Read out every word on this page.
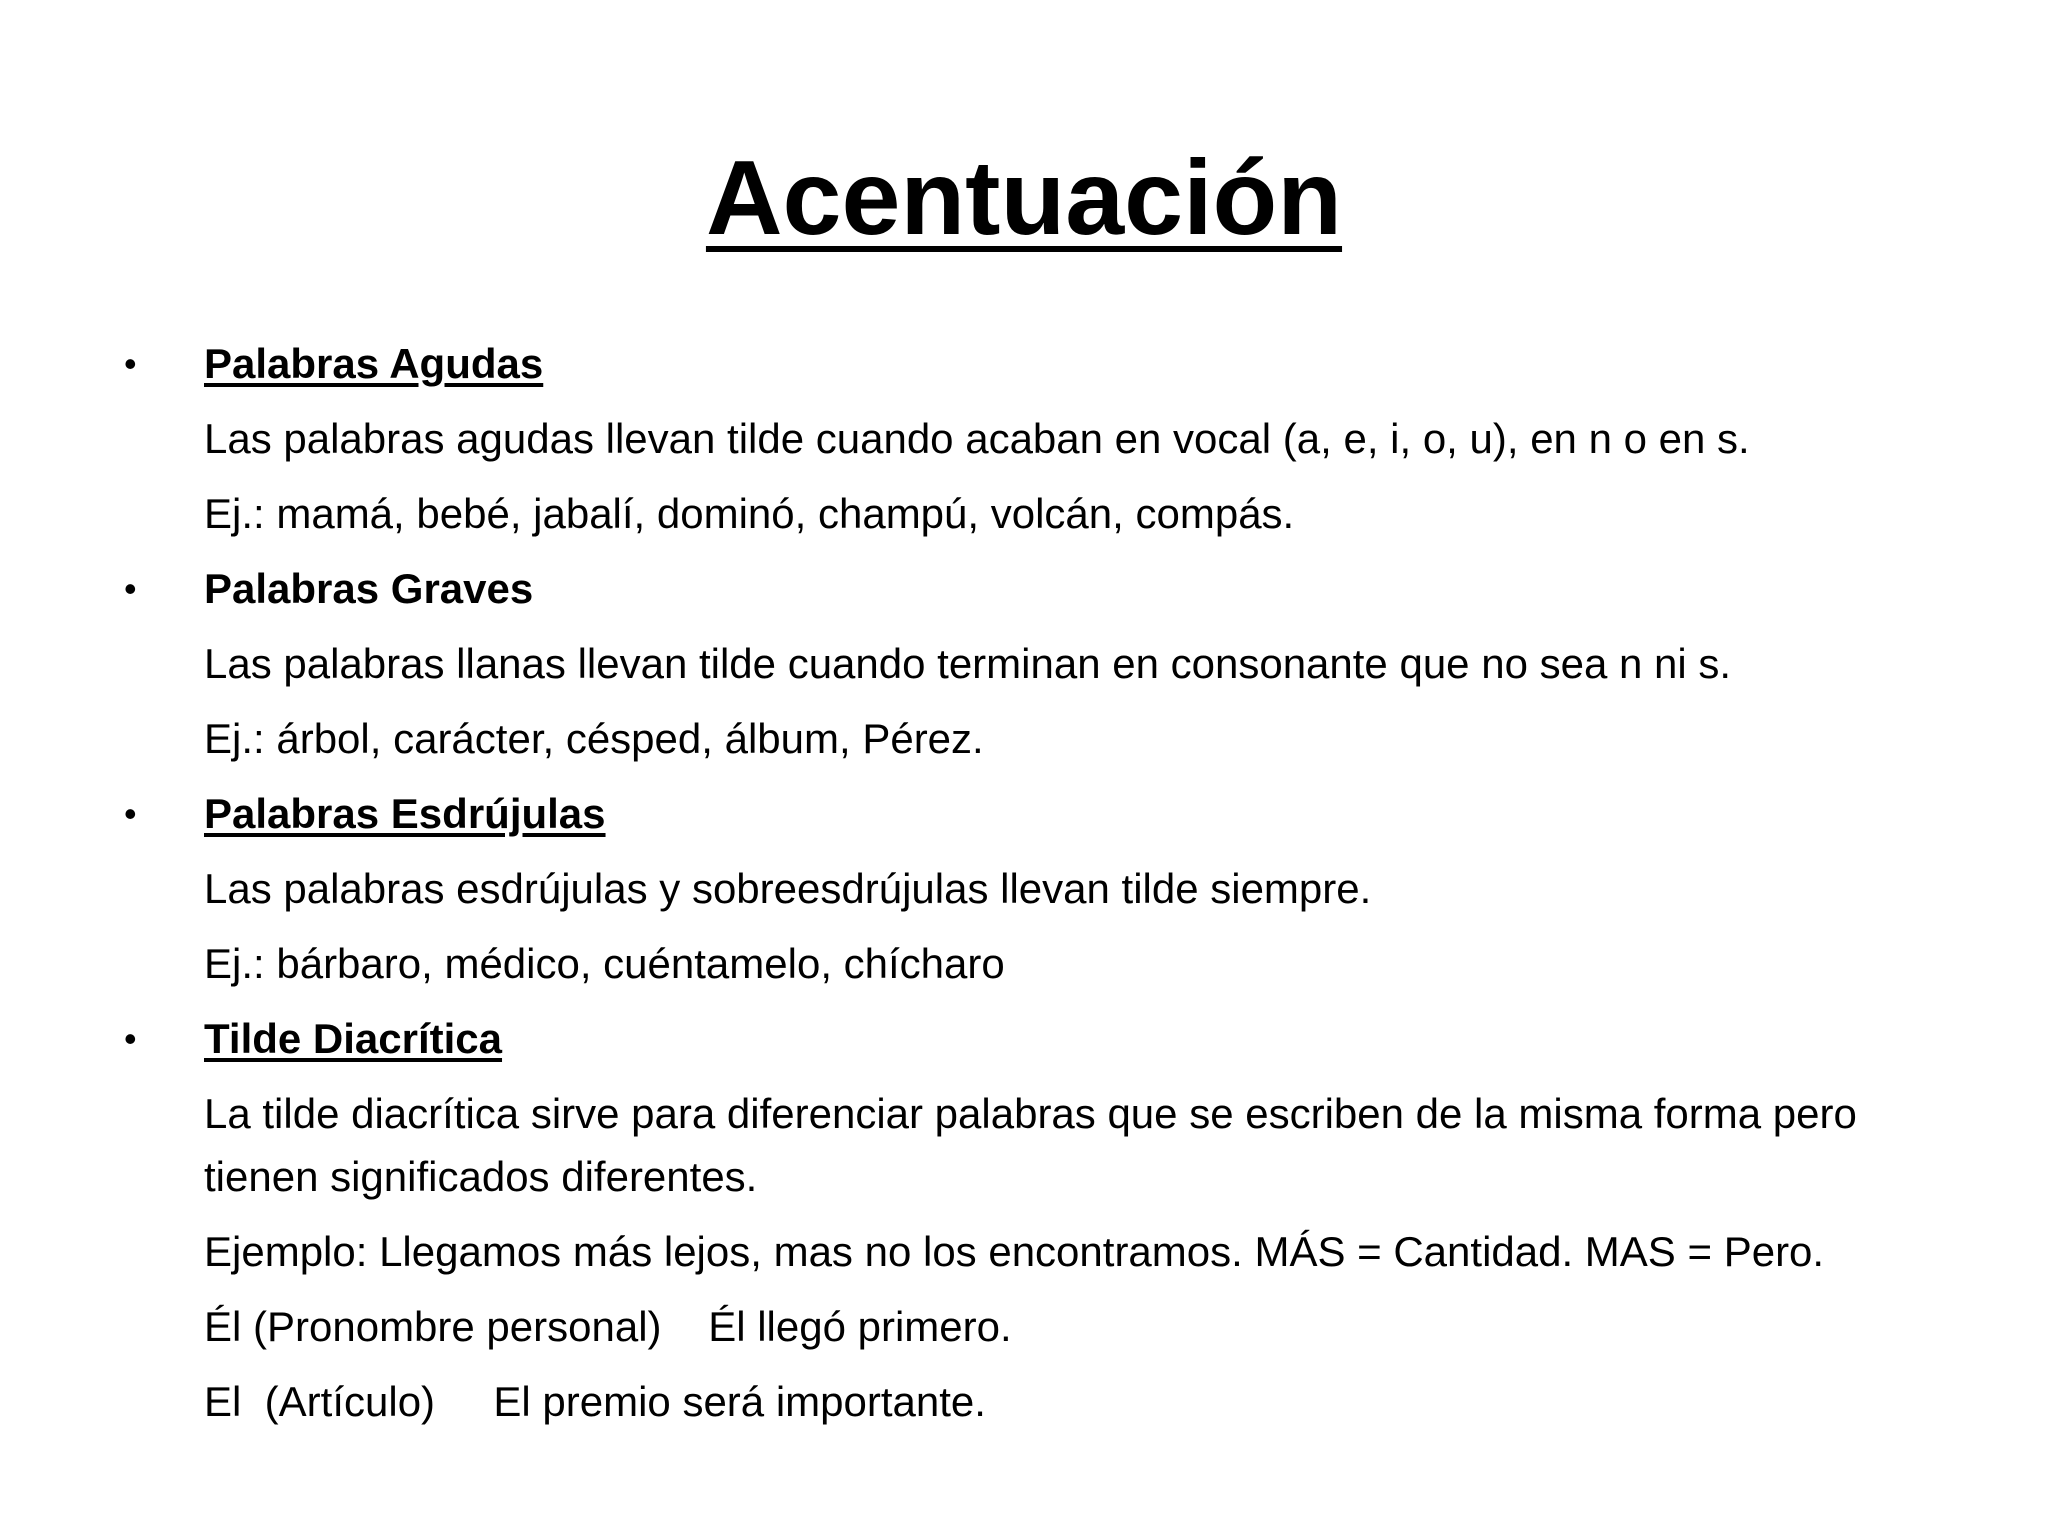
Acentuación
•	Palabras Agudas
Las palabras agudas llevan tilde cuando acaban en vocal (a, e, i, o, u), en n o en s.
Ej.: mamá, bebé, jabalí, dominó, champú, volcán, compás.
•	Palabras Graves
Las palabras llanas llevan tilde cuando terminan en consonante que no sea n ni s.
Ej.: árbol, carácter, césped, álbum, Pérez.
•	Palabras Esdrújulas
Las palabras esdrújulas y sobreesdrújulas llevan tilde siempre.
Ej.: bárbaro, médico, cuéntamelo, chícharo
•	Tilde Diacrítica
La tilde diacrítica sirve para diferenciar palabras que se escriben de la misma forma pero tienen significados diferentes.
Ejemplo: Llegamos más lejos, mas no los encontramos. MÁS = Cantidad. MAS = Pero.
Él (Pronombre personal)    Él llegó primero.
El  (Artículo)     El premio será importante.
